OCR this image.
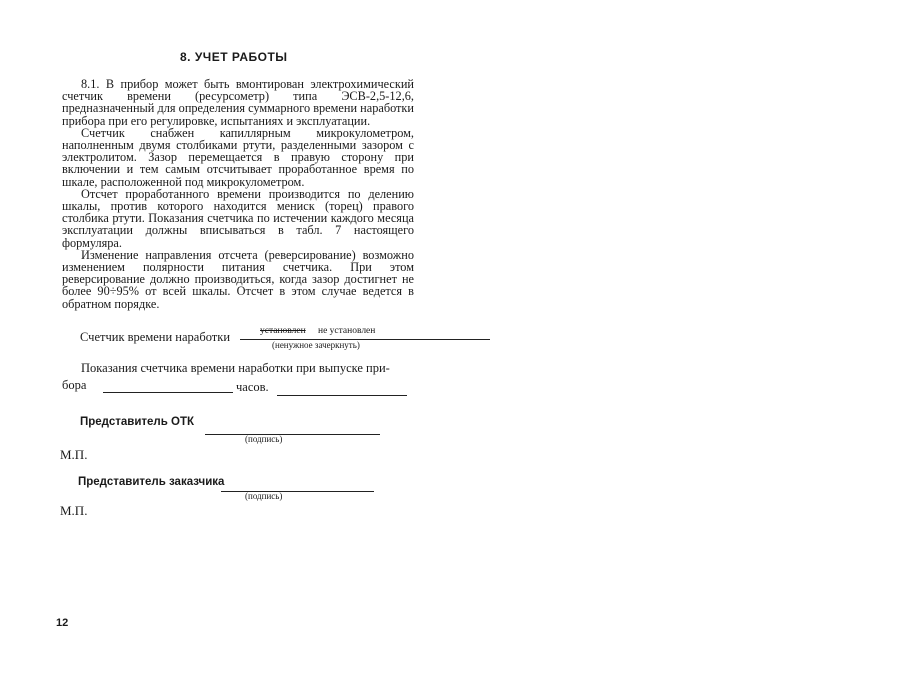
8. УЧЕТ РАБОТЫ

8.1. В прибор может быть вмонтирован электрохимический счетчик времени (ресурсометр) типа ЭСВ-2,5-12,6, предназначенный для определения суммарного времени наработки прибора при его регулировке, испытаниях и эксплуатации.

Счетчик снабжен капиллярным микрокулометром, наполненным двумя столбиками ртути, разделенными зазором с электролитом. Зазор перемещается в правую сторону при включении и тем самым отсчитывает проработанное время по шкале, расположенной под микрокулометром.

Отсчет проработанного времени производится по делению шкалы, против которого находится мениск (торец) правого столбика ртути. Показания счетчика по истечении каждого месяца эксплуатации должны вписываться в табл. 7 настоящего формуляра.

Изменение направления отсчета (реверсирование) возможно изменением полярности питания счетчика. При этом реверсирование должно производиться, когда зазор достигнет не более 90÷95% от всей шкалы. Отсчет в этом случае ведется в обратном порядке.

Счетчик времени наработки	установлен не установлен
(ненужное зачеркнуть)
Показания счетчика времени наработки при выпуске при-
бора	часов.
Представитель ОТК
(подпись)
М.П.
Представитель заказчика
(подпись)
М.П.
12
